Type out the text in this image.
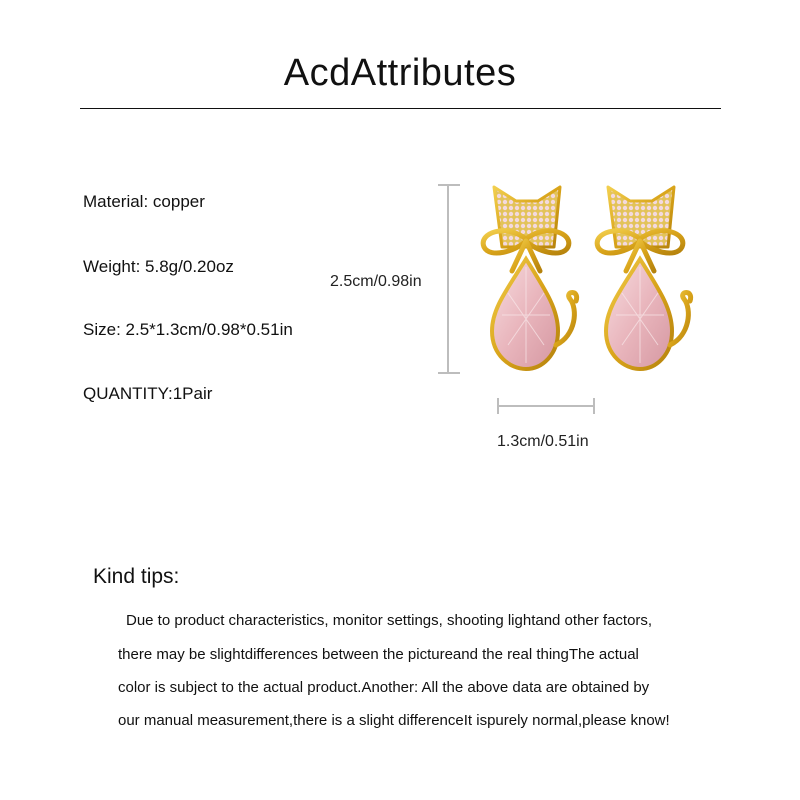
AcdAttributes
Material: copper
Weight: 5.8g/0.20oz
Size: 2.5*1.3cm/0.98*0.51in
QUANTITY:1Pair
2.5cm/0.98in
1.3cm/0.51in
Kind tips:
Due to product characteristics, monitor settings, shooting lightand other factors,
there may be slightdifferences between the pictureand the real thingThe actual
color is subject to the actual product.Another: All the above data are obtained by
our manual measurement,there is a slight differenceIt ispurely normal,please know!
